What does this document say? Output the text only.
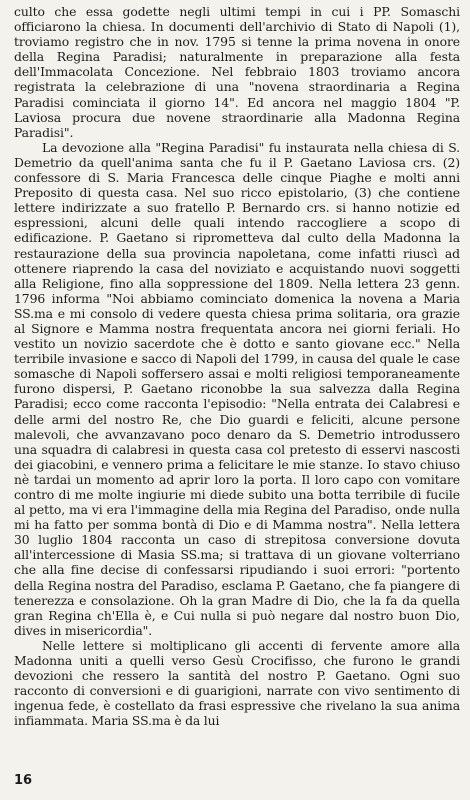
culto che essa godette negli ultimi tempi in cui i PP. Somaschi officiarono la chiesa. In documenti dell'archivio di Stato di Napoli (1), troviamo registro che in nov. 1795 si tenne la prima novena in onore della Regina Paradisi; naturalmente in preparazione alla festa dell'Immacolata Concezione. Nel febbraio 1803 troviamo ancora registrata la celebrazione di una "novena straordinaria a Regina Paradisi cominciata il giorno 14". Ed ancora nel maggio 1804 "P. Laviosa procura due novene straordinarie alla Madonna Regina Paradisi".

La devozione alla "Regina Paradisi" fu instaurata nella chiesa di S. Demetrio da quell'anima santa che fu il P. Gaetano Laviosa crs. (2) confessore di S. Maria Francesca delle cinque Piaghe e molti anni Preposito di questa casa. Nel suo ricco epistolario, (3) che contiene lettere indirizzate a suo fratello P. Bernardo crs. si hanno notizie ed espressioni, alcuni delle quali intendo raccogliere a scopo di edificazione. P. Gaetano si riprometteva dal culto della Madonna la restaurazione della sua provincia napoletana, come infatti riuscì ad ottenere riaprendo la casa del noviziato e acquistando nuovi soggetti alla Religione, fino alla soppressione del 1809. Nella lettera 23 genn. 1796 informa "Noi abbiamo cominciato domenica la novena a Maria SS.ma e mi consolo di vedere questa chiesa prima solitaria, ora grazie al Signore e Mamma nostra frequentata ancora nei giorni feriali. Ho vestito un novizio sacerdote che è dotto e santo giovane ecc." Nella terribile invasione e sacco di Napoli del 1799, in causa del quale le case somasche di Napoli soffersero assai e molti religiosi temporaneamente furono dispersi, P. Gaetano riconobbe la sua salvezza dalla Regina Paradisi; ecco come racconta l'episodio: "Nella entrata dei Calabresi e delle armi del nostro Re, che Dio guardi e feliciti, alcune persone malevoli, che avvanzavano poco denaro da S. Demetrio introdussero una squadra di calabresi in questa casa col pretesto di esservi nascosti dei giacobini, e vennero prima a felicitare le mie stanze. Io stavo chiuso nè tardai un momento ad aprir loro la porta. Il loro capo con vomitare contro di me molte ingiurie mi diede subito una botta terribile di fucile al petto, ma vi era l'immagine della mia Regina del Paradiso, onde nulla mi ha fatto per somma bontà di Dio e di Mamma nostra". Nella lettera 30 luglio 1804 racconta un caso di strepitosa conversione dovuta all'intercessione di Masia SS.ma; si trattava di un giovane volterriano che alla fine decise di confessarsi ripudiando i suoi errori: "portento della Regina nostra del Paradiso, esclama P. Gaetano, che fa piangere di tenerezza e consolazione. Oh la gran Madre di Dio, che la fa da quella gran Regina ch'Ella è, e Cui nulla si può negare dal nostro buon Dio, dives in misericordia".

Nelle lettere si moltiplicano gli accenti di fervente amore alla Madonna uniti a quelli verso Gesù Crocifisso, che furono le grandi devozioni che ressero la santità del nostro P. Gaetano. Ogni suo racconto di conversioni e di guarigioni, narrate con vivo sentimento di ingenua fede, è costellato da frasi espressive che rivelano la sua anima infiammata. Maria SS.ma è da lui

16
